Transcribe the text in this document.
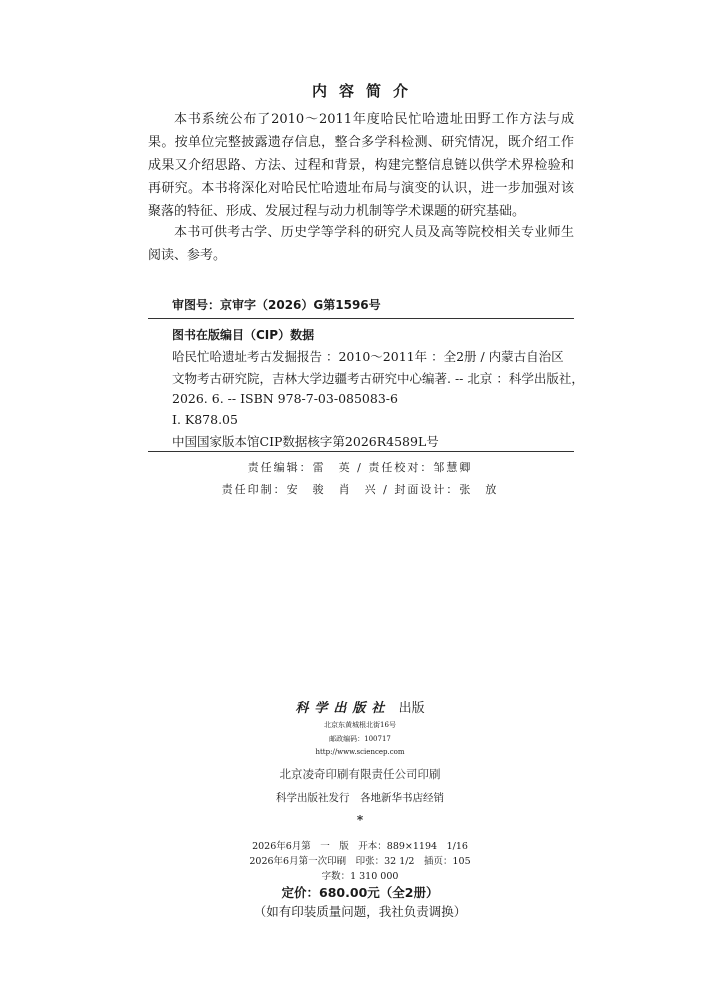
内容简介

本书系统公布了2010～2011年度哈民忙哈遗址田野工作方法与成果。按单位完整披露遗存信息，整合多学科检测、研究情况，既介绍工作成果又介绍思路、方法、过程和背景，构建完整信息链以供学术界检验和再研究。本书将深化对哈民忙哈遗址布局与演变的认识，进一步加强对该聚落的特征、形成、发展过程与动力机制等学术课题的研究基础。

本书可供考古学、历史学等学科的研究人员及高等院校相关专业师生阅读、参考。

审图号：京审字（2026）G第1596号
图书在版编目（CIP）数据
哈民忙哈遗址考古发掘报告 ：2010～2011年 ：全2册 / 内蒙古自治区
文物考古研究院，吉林大学边疆考古研究中心编著. -- 北京 ：科学出版社，
2026. 6. -- ISBN 978-7-03-085083-6
Ⅰ. K878.05
中国国家版本馆CIP数据核字第2026R4589L号
责任编辑：雷　英 / 责任校对：邹慧卿
责任印制：安　骏　肖　兴 / 封面设计：张　放
科学出版社 出版
北京东黄城根北街16号
邮政编码：100717
http://www.sciencep.com
北京凌奇印刷有限责任公司印刷
科学出版社发行　各地新华书店经销
*
2026年6月第　一　版　开本：889×1194　1/16
2026年6月第一次印刷　印张：32 1/2　插页：105
字数：1 310 000
定价：680.00元（全2册）
（如有印装质量问题，我社负责调换）
